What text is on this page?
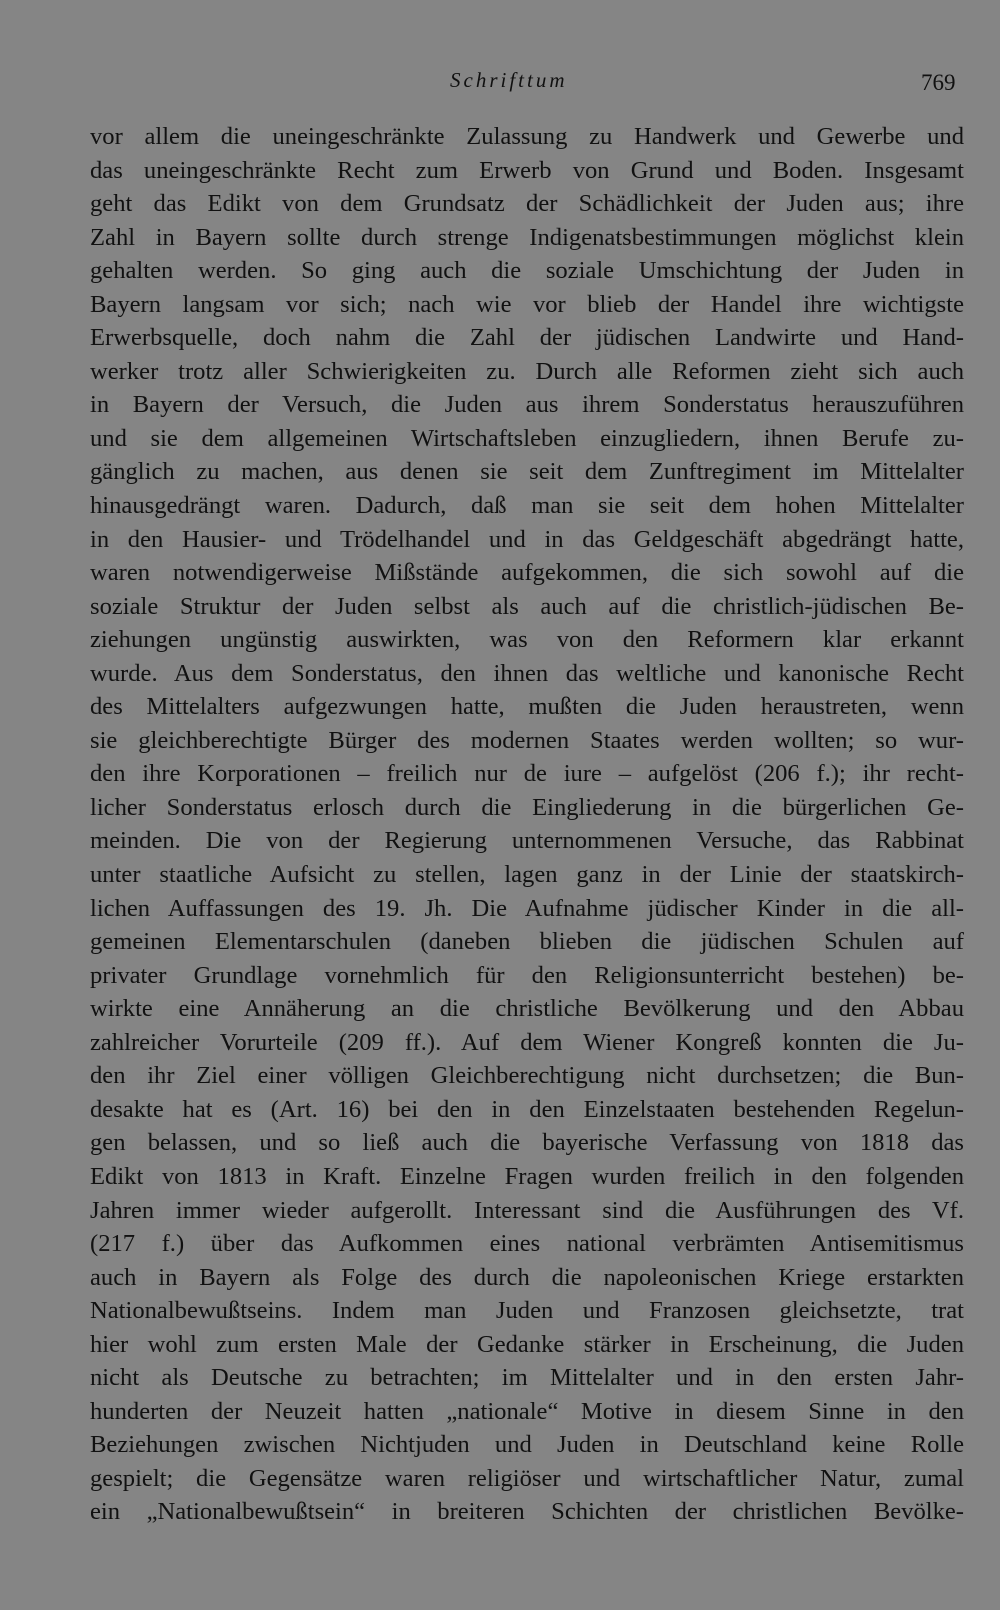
Schrifttum	769
vor allem die uneingeschränkte Zulassung zu Handwerk und Gewerbe und
das uneingeschränkte Recht zum Erwerb von Grund und Boden. Insgesamt
geht das Edikt von dem Grundsatz der Schädlichkeit der Juden aus; ihre
Zahl in Bayern sollte durch strenge Indigenatsbestimmungen möglichst klein
gehalten werden. So ging auch die soziale Umschichtung der Juden in
Bayern langsam vor sich; nach wie vor blieb der Handel ihre wichtigste
Erwerbsquelle, doch nahm die Zahl der jüdischen Landwirte und Hand-
werker trotz aller Schwierigkeiten zu. Durch alle Reformen zieht sich auch
in Bayern der Versuch, die Juden aus ihrem Sonderstatus herauszuführen
und sie dem allgemeinen Wirtschaftsleben einzugliedern, ihnen Berufe zu-
gänglich zu machen, aus denen sie seit dem Zunftregiment im Mittelalter
hinausgedrängt waren. Dadurch, daß man sie seit dem hohen Mittelalter
in den Hausier- und Trödelhandel und in das Geldgeschäft abgedrängt hatte,
waren notwendigerweise Mißstände aufgekommen, die sich sowohl auf die
soziale Struktur der Juden selbst als auch auf die christlich-jüdischen Be-
ziehungen ungünstig auswirkten, was von den Reformern klar erkannt
wurde. Aus dem Sonderstatus, den ihnen das weltliche und kanonische Recht
des Mittelalters aufgezwungen hatte, mußten die Juden heraustreten, wenn
sie gleichberechtigte Bürger des modernen Staates werden wollten; so wur-
den ihre Korporationen – freilich nur de iure – aufgelöst (206 f.); ihr recht-
licher Sonderstatus erlosch durch die Eingliederung in die bürgerlichen Ge-
meinden. Die von der Regierung unternommenen Versuche, das Rabbinat
unter staatliche Aufsicht zu stellen, lagen ganz in der Linie der staatskirch-
lichen Auffassungen des 19. Jh. Die Aufnahme jüdischer Kinder in die all-
gemeinen Elementarschulen (daneben blieben die jüdischen Schulen auf
privater Grundlage vornehmlich für den Religionsunterricht bestehen) be-
wirkte eine Annäherung an die christliche Bevölkerung und den Abbau
zahlreicher Vorurteile (209 ff.). Auf dem Wiener Kongreß konnten die Ju-
den ihr Ziel einer völligen Gleichberechtigung nicht durchsetzen; die Bun-
desakte hat es (Art. 16) bei den in den Einzelstaaten bestehenden Regelun-
gen belassen, und so ließ auch die bayerische Verfassung von 1818 das
Edikt von 1813 in Kraft. Einzelne Fragen wurden freilich in den folgenden
Jahren immer wieder aufgerollt. Interessant sind die Ausführungen des Vf.
(217 f.) über das Aufkommen eines national verbrämten Antisemitismus
auch in Bayern als Folge des durch die napoleonischen Kriege erstarkten
Nationalbewußtseins. Indem man Juden und Franzosen gleichsetzte, trat
hier wohl zum ersten Male der Gedanke stärker in Erscheinung, die Juden
nicht als Deutsche zu betrachten; im Mittelalter und in den ersten Jahr-
hunderten der Neuzeit hatten „nationale“ Motive in diesem Sinne in den
Beziehungen zwischen Nichtjuden und Juden in Deutschland keine Rolle
gespielt; die Gegensätze waren religiöser und wirtschaftlicher Natur, zumal
ein „Nationalbewußtsein“ in breiteren Schichten der christlichen Bevölke-
